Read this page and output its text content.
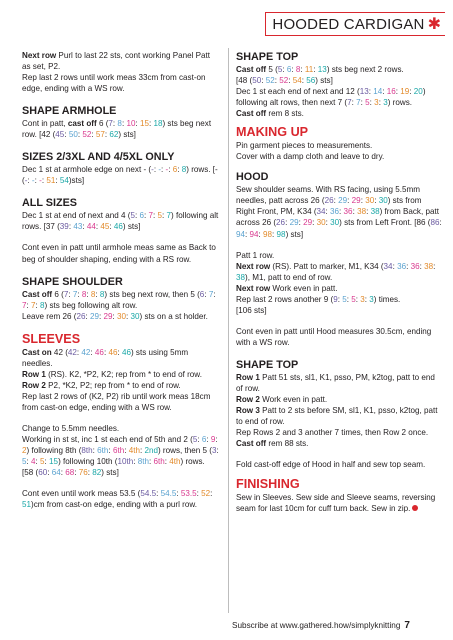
HOODED CARDIGAN ✱

Next row Purl to last 22 sts, cont working Panel Patt as set, P2.
Rep last 2 rows until work meas 33cm from cast-on edge, ending with a WS row.

SHAPE ARMHOLE

Cont in patt, cast off 6 (7: 8: 10: 15: 18) sts beg next row. [42 (45: 50: 52: 57: 62) sts]

SIZES 2/3XL AND 4/5XL ONLY

Dec 1 st at armhole edge on next - (-: -: -: 6: 8) rows. [- (-: -: -: 51: 54)sts]

ALL SIZES

Dec 1 st at end of next and 4 (5: 6: 7: 5: 7) following alt rows. [37 (39: 43: 44: 45: 46) sts]

Cont even in patt until armhole meas same as Back to beg of shoulder shaping, ending with a RS row.

SHAPE SHOULDER

Cast off 6 (7: 7: 8: 8: 8) sts beg next row, then 5 (6: 7: 7: 7: 8) sts beg following alt row.
Leave rem 26 (26: 29: 29: 30: 30) sts on a st holder.

SLEEVES

Cast on 42 (42: 42: 46: 46: 46) sts using 5mm needles.

Row 1 (RS). K2, *P2, K2; rep from * to end of row.

Row 2 P2, *K2, P2; rep from * to end of row.

Rep last 2 rows of (K2, P2) rib until work meas 18cm from cast-on edge, ending with a WS row.

Change to 5.5mm needles.
Working in st st, inc 1 st each end of 5th and 2 (5: 6: 9: 2) following 8th (8th: 6th: 6th: 4th: 2nd) rows, then 5 (3: 5: 4: 5: 15) following 10th (10th: 8th: 6th: 4th) rows.
[58 (60: 64: 68: 76: 82) sts]

Cont even until work meas 53.5 (54.5: 54.5: 53.5: 52: 51)cm from cast-on edge, ending with a purl row.

SHAPE TOP

Cast off 5 (5: 6: 8: 11: 13) sts beg next 2 rows.
[48 (50: 52: 52: 54: 56) sts]
Dec 1 st each end of next and 12 (13: 14: 16: 19: 20) following alt rows, then next 7 (7: 7: 5: 3: 3) rows.
Cast off rem 8 sts.

MAKING UP

Pin garment pieces to measurements.
Cover with a damp cloth and leave to dry.

HOOD

Sew shoulder seams. With RS facing, using 5.5mm needles, patt across 26 (26: 29: 29: 30: 30) sts from Right Front, PM, K34 (34: 36: 36: 38: 38) from Back, patt across 26 (26: 29: 29: 30: 30) sts from Left Front. [86 (86: 94: 94: 98: 98) sts]

Patt 1 row.
Next row (RS). Patt to marker, M1, K34 (34: 36: 36: 38: 38), M1, patt to end of row.
Next row Work even in patt.
Rep last 2 rows another 9 (9: 5: 5: 3: 3) times.
[106 sts]

Cont even in patt until Hood measures 30.5cm, ending with a WS row.

SHAPE TOP

Row 1 Patt 51 sts, sl1, K1, psso, PM, k2tog, patt to end of row.

Row 2 Work even in patt.

Row 3 Patt to 2 sts before SM, sl1, K1, psso, k2tog, patt to end of row.
Rep Rows 2 and 3 another 7 times, then Row 2 once.

Cast off rem 88 sts.

Fold cast-off edge of Hood in half and sew top seam.

FINISHING

Sew in Sleeves. Sew side and Sleeve seams, reversing seam for last 10cm for cuff turn back. Sew in zip.

Subscribe at www.gathered.how/simplyknitting 7
